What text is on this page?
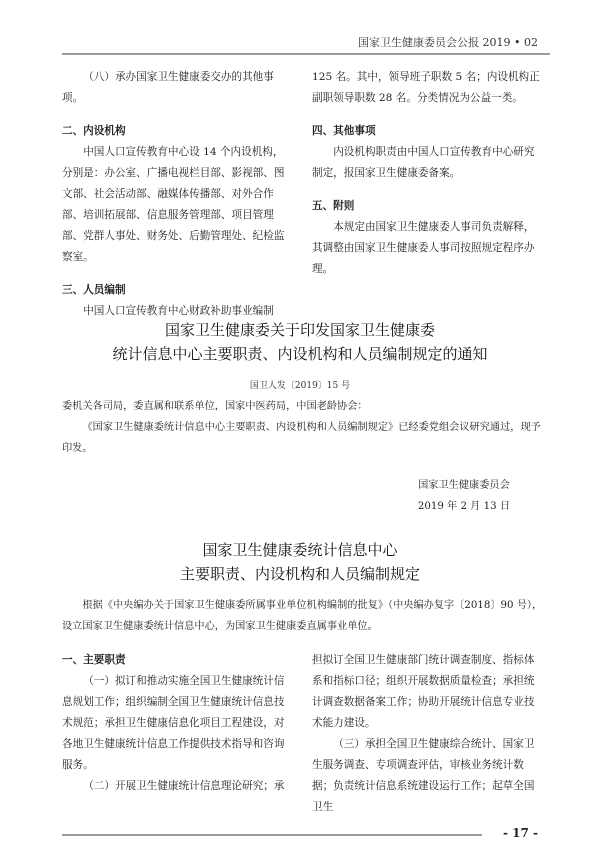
国家卫生健康委员会公报 2019 • 02

（八）承办国家卫生健康委交办的其他事项。

二、内设机构

中国人口宣传教育中心设 14 个内设机构，分别是：办公室、广播电视栏目部、影视部、图文部、社会活动部、融媒体传播部、对外合作部、培训拓展部、信息服务管理部、项目管理部、党群人事处、财务处、后勤管理处、纪检监察室。

三、人员编制

中国人口宣传教育中心财政补助事业编制

125 名。其中，领导班子职数 5 名；内设机构正副职领导职数 28 名。分类情况为公益一类。

四、其他事项

内设机构职责由中国人口宣传教育中心研究制定，报国家卫生健康委备案。

五、附则

本规定由国家卫生健康委人事司负责解释，其调整由国家卫生健康委人事司按照规定程序办理。

国家卫生健康委关于印发国家卫生健康委
统计信息中心主要职责、内设机构和人员编制规定的通知
国卫人发〔2019〕15 号

委机关各司局，委直属和联系单位，国家中医药局，中国老龄协会：

《国家卫生健康委统计信息中心主要职责、内设机构和人员编制规定》已经委党组会议研究通过，现予印发。

国家卫生健康委员会

2019 年 2 月 13 日

国家卫生健康委统计信息中心
主要职责、内设机构和人员编制规定

根据《中央编办关于国家卫生健康委所属事业单位机构编制的批复》（中央编办复字〔2018〕90 号），设立国家卫生健康委统计信息中心，为国家卫生健康委直属事业单位。

一、主要职责

（一）拟订和推动实施全国卫生健康统计信息规划工作；组织编制全国卫生健康统计信息技术规范；承担卫生健康信息化项目工程建设，对各地卫生健康统计信息工作提供技术指导和咨询服务。

（二）开展卫生健康统计信息理论研究；承

担拟订全国卫生健康部门统计调查制度、指标体系和指标口径；组织开展数据质量检查；承担统计调查数据备案工作；协助开展统计信息专业技术能力建设。

（三）承担全国卫生健康综合统计、国家卫生服务调查、专项调查评估，审核业务统计数据；负责统计信息系统建设运行工作；起草全国卫生

- 17 -
